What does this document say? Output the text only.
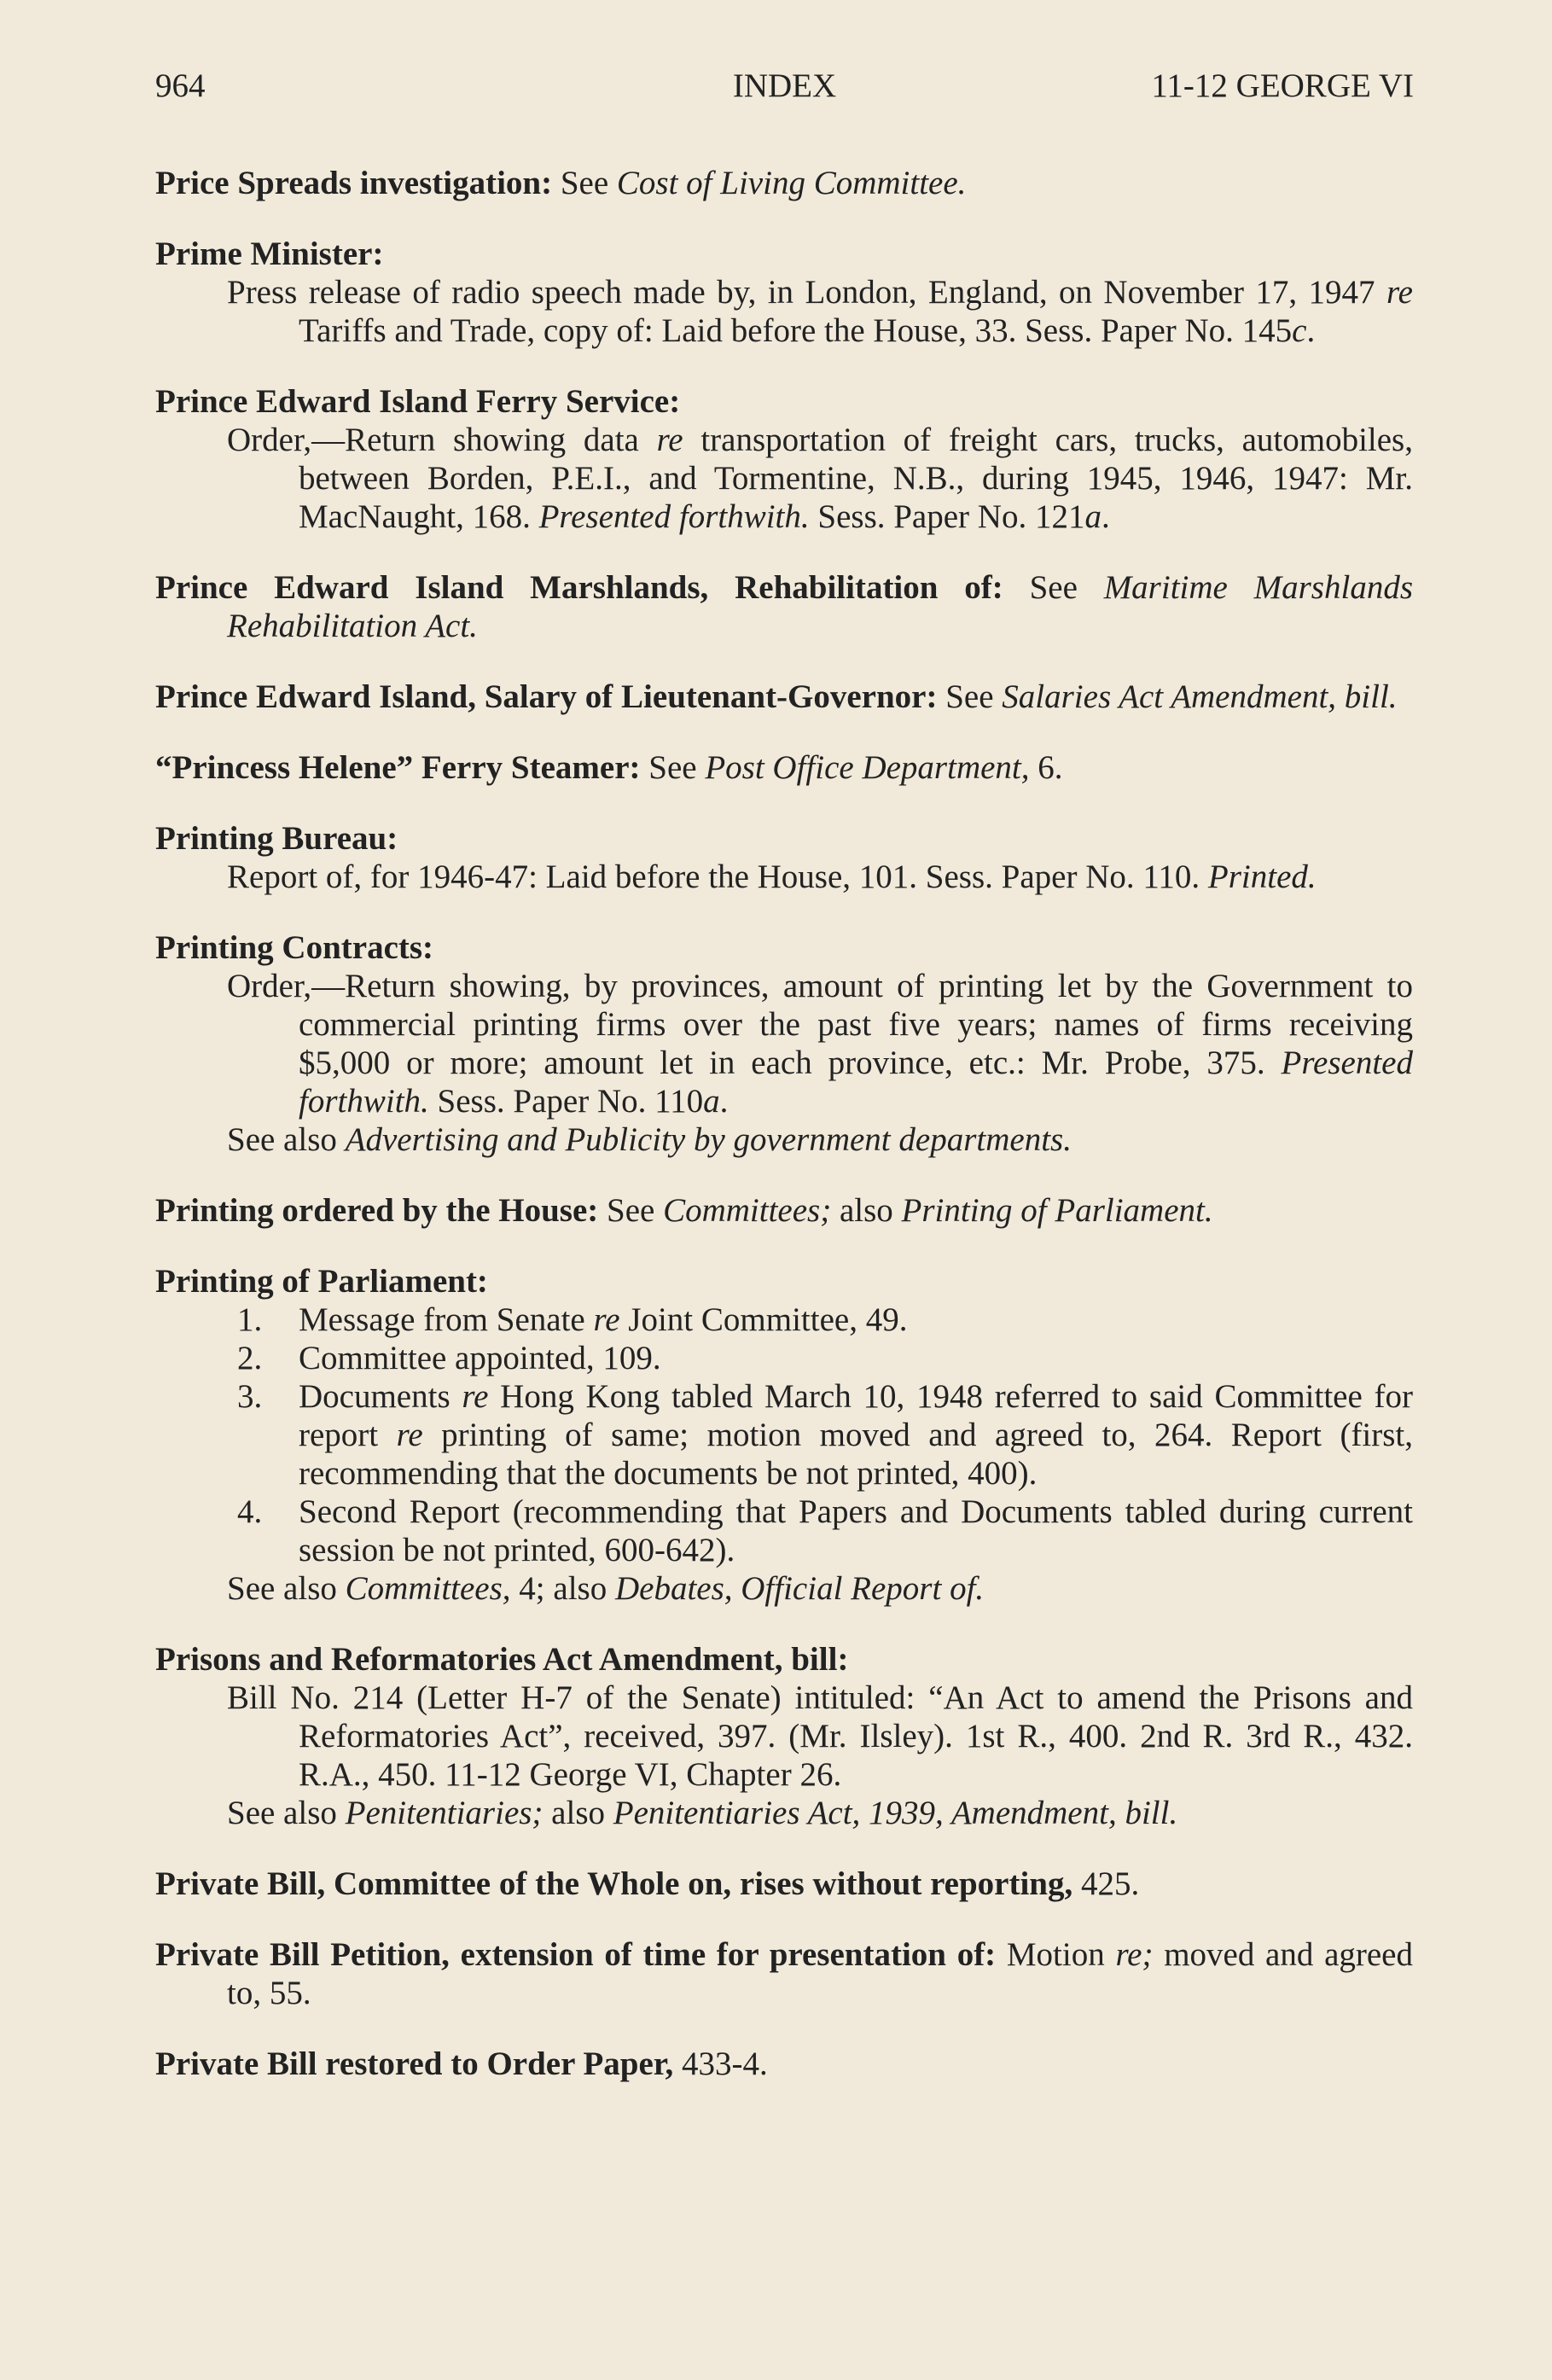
964	INDEX	11-12 GEORGE VI
Price Spreads investigation: See Cost of Living Committee.
Prime Minister:
Press release of radio speech made by, in London, England, on November 17, 1947 re Tariffs and Trade, copy of: Laid before the House, 33. Sess. Paper No. 145c.
Prince Edward Island Ferry Service:
Order,—Return showing data re transportation of freight cars, trucks, automobiles, between Borden, P.E.I., and Tormentine, N.B., during 1945, 1946, 1947: Mr. MacNaught, 168. Presented forthwith. Sess. Paper No. 121a.
Prince Edward Island Marshlands, Rehabilitation of: See Maritime Marshlands Rehabilitation Act.
Prince Edward Island, Salary of Lieutenant-Governor: See Salaries Act Amendment, bill.
“Princess Helene” Ferry Steamer: See Post Office Department, 6.
Printing Bureau:
Report of, for 1946-47: Laid before the House, 101. Sess. Paper No. 110. Printed.
Printing Contracts:
Order,—Return showing, by provinces, amount of printing let by the Government to commercial printing firms over the past five years; names of firms receiving $5,000 or more; amount let in each province, etc.: Mr. Probe, 375. Presented forthwith. Sess. Paper No. 110a.
See also Advertising and Publicity by government departments.
Printing ordered by the House: See Committees; also Printing of Parliament.
Printing of Parliament:
1. Message from Senate re Joint Committee, 49.
2. Committee appointed, 109.
3. Documents re Hong Kong tabled March 10, 1948 referred to said Committee for report re printing of same; motion moved and agreed to, 264. Report (first, recommending that the documents be not printed, 400).
4. Second Report (recommending that Papers and Documents tabled during current session be not printed, 600-642).
See also Committees, 4; also Debates, Official Report of.
Prisons and Reformatories Act Amendment, bill:
Bill No. 214 (Letter H-7 of the Senate) intituled: “An Act to amend the Prisons and Reformatories Act”, received, 397. (Mr. Ilsley). 1st R., 400. 2nd R. 3rd R., 432. R.A., 450. 11-12 George VI, Chapter 26.
See also Penitentiaries; also Penitentiaries Act, 1939, Amendment, bill.
Private Bill, Committee of the Whole on, rises without reporting, 425.
Private Bill Petition, extension of time for presentation of: Motion re; moved and agreed to, 55.
Private Bill restored to Order Paper, 433-4.
